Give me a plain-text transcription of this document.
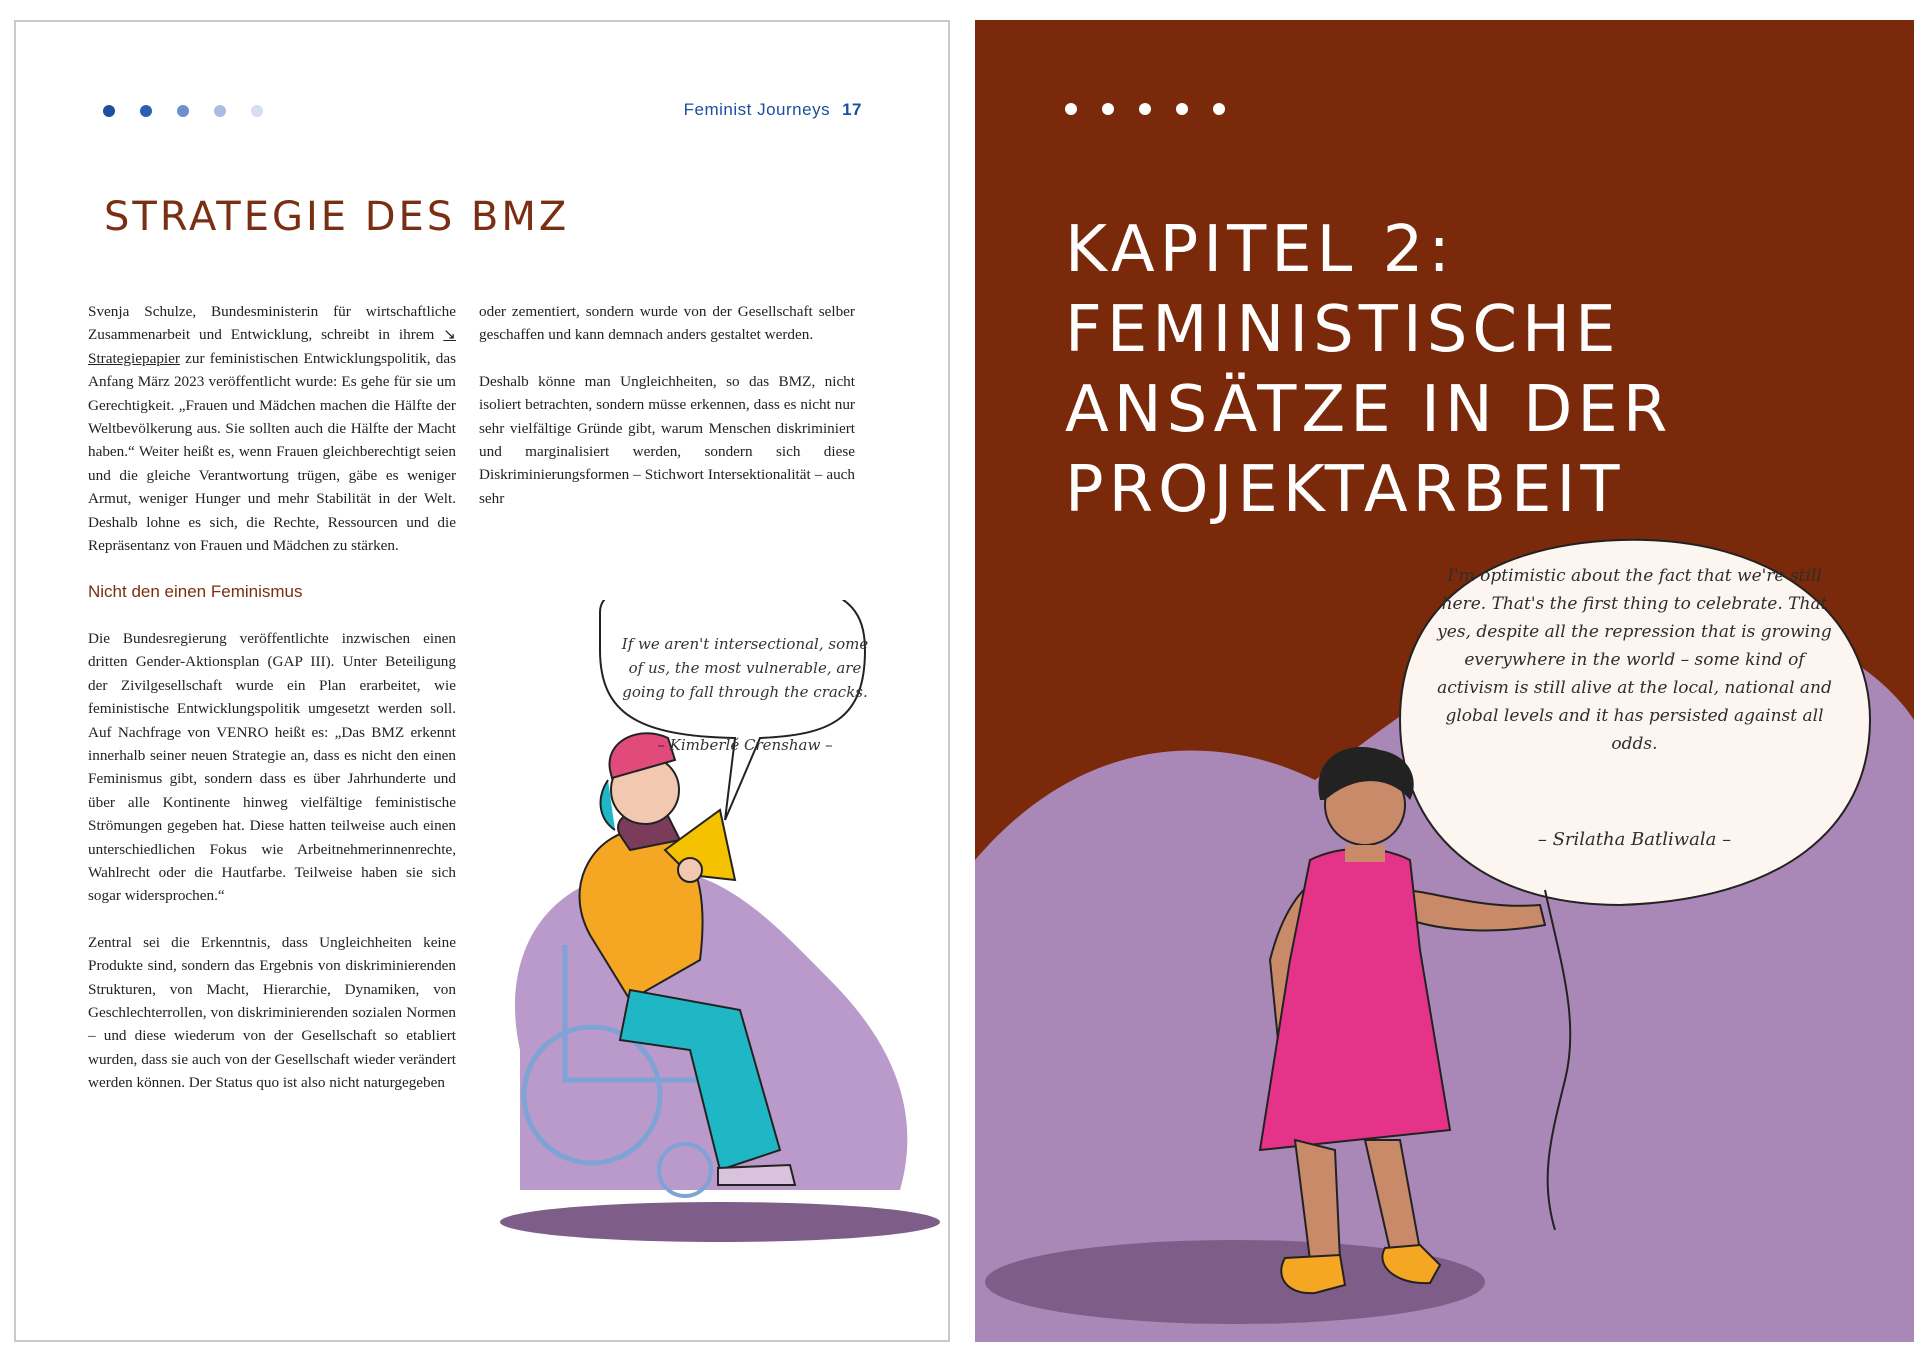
Feminist Journeys 17
STRATEGIE DES BMZ

Svenja Schulze, Bundesministerin für wirtschaftliche Zusammenarbeit und Entwicklung, schreibt in ihrem ↘ Strategiepapier zur feministischen Entwicklungspolitik, das Anfang März 2023 veröffentlicht wurde: Es gehe für sie um Gerechtigkeit. „Frauen und Mädchen machen die Hälfte der Weltbevölkerung aus. Sie sollten auch die Hälfte der Macht haben.“ Weiter heißt es, wenn Frauen gleichberechtigt seien und die gleiche Verantwortung trügen, gäbe es weniger Armut, weniger Hunger und mehr Stabilität in der Welt. Deshalb lohne es sich, die Rechte, Ressourcen und die Repräsentanz von Frauen und Mädchen zu stärken.

Nicht den einen Feminismus

Die Bundesregierung veröffentlichte inzwischen einen dritten Gender-Aktionsplan (GAP III). Unter Beteiligung der Zivilgesellschaft wurde ein Plan erarbeitet, wie feministische Entwicklungspolitik umgesetzt werden soll. Auf Nachfrage von VENRO heißt es: „Das BMZ erkennt innerhalb seiner neuen Strategie an, dass es nicht den einen Feminismus gibt, sondern dass es über Jahrhunderte und über alle Kontinente hinweg vielfältige feministische Strömungen gegeben hat. Diese hatten teilweise auch einen unterschiedlichen Fokus wie Arbeitnehmerinnenrechte, Wahlrecht oder die Hautfarbe. Teilweise haben sie sich sogar widersprochen.“

Zentral sei die Erkenntnis, dass Ungleichheiten keine Produkte sind, sondern das Ergebnis von diskriminierenden Strukturen, von Macht, Hierarchie, Dynamiken, von Geschlechterrollen, von diskriminierenden sozialen Normen – und diese wiederum von der Gesellschaft so etabliert wurden, dass sie auch von der Gesellschaft wieder verändert werden können. Der Status quo ist also nicht naturgegeben

oder zementiert, sondern wurde von der Gesellschaft selber geschaffen und kann demnach anders gestaltet werden.

Deshalb könne man Ungleichheiten, so das BMZ, nicht isoliert betrachten, sondern müsse erkennen, dass es nicht nur sehr vielfältige Gründe gibt, warum Menschen diskriminiert und marginalisiert werden, sondern sich diese Diskriminierungsformen – Stichwort Intersektionalität – auch sehr

If we aren't intersectional, some of us, the most vulnerable, are going to fall through the cracks.
– Kimberlé Crenshaw –
KAPITEL 2:
FEMINISTISCHE
ANSÄTZE IN DER
PROJEKTARBEIT
I'm optimistic about the fact that we're still here. That's the first thing to celebrate. That yes, despite all the repression that is growing everywhere in the world – some kind of activism is still alive at the local, national and global levels and it has persisted against all odds.
– Srilatha Batliwala –
